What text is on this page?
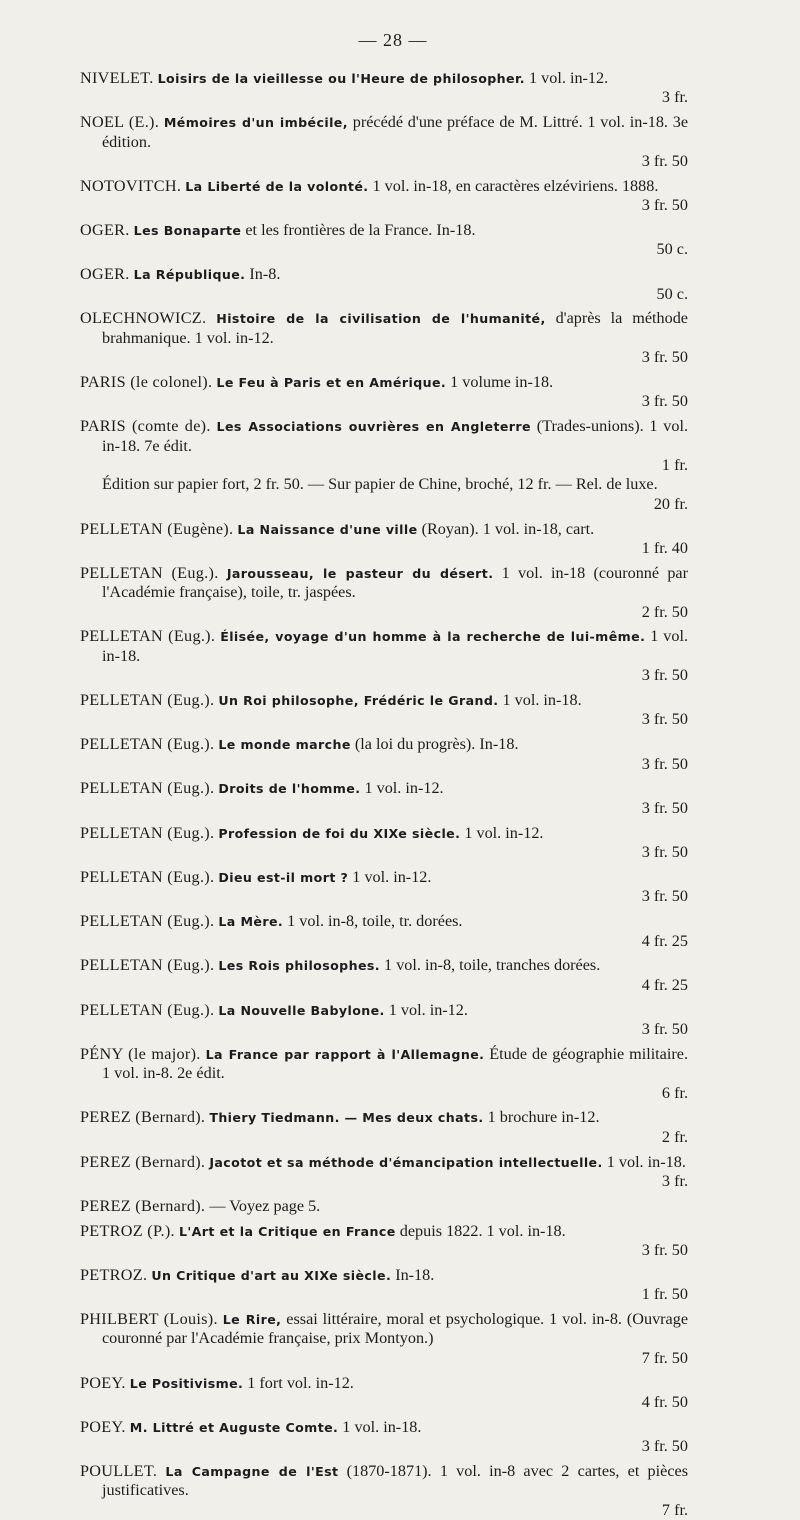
— 28 —
NIVELET. Loisirs de la vieillesse ou l'Heure de philosopher. 1 vol. in-12.
3 fr.
NOEL (E.). Mémoires d'un imbécile, précédé d'une préface de M. Littré. 1 vol. in-18. 3e édition.
3 fr. 50
NOTOVITCH. La Liberté de la volonté. 1 vol. in-18, en caractères elzéviriens. 1888.
3 fr. 50
OGER. Les Bonaparte et les frontières de la France. In-18.
50 c.
OGER. La République. In-8.
50 c.
OLECHNOWICZ. Histoire de la civilisation de l'humanité, d'après la méthode brahmanique. 1 vol. in-12.
3 fr. 50
PARIS (le colonel). Le Feu à Paris et en Amérique. 1 volume in-18.
3 fr. 50
PARIS (comte de). Les Associations ouvrières en Angleterre (Trades-unions). 1 vol. in-18. 7e édit.
1 fr.
Édition sur papier fort, 2 fr. 50. — Sur papier de Chine, broché, 12 fr. — Rel. de luxe.
20 fr.
PELLETAN (Eugène). La Naissance d'une ville (Royan). 1 vol. in-18, cart.
1 fr. 40
PELLETAN (Eug.). Jarousseau, le pasteur du désert. 1 vol. in-18 (couronné par l'Académie française), toile, tr. jaspées.
2 fr. 50
PELLETAN (Eug.). Élisée, voyage d'un homme à la recherche de lui-même. 1 vol. in-18.
3 fr. 50
PELLETAN (Eug.). Un Roi philosophe, Frédéric le Grand. 1 vol. in-18.
3 fr. 50
PELLETAN (Eug.). Le monde marche (la loi du progrès). In-18.
3 fr. 50
PELLETAN (Eug.). Droits de l'homme. 1 vol. in-12.
3 fr. 50
PELLETAN (Eug.). Profession de foi du XIXe siècle. 1 vol. in-12.
3 fr. 50
PELLETAN (Eug.). Dieu est-il mort ? 1 vol. in-12.
3 fr. 50
PELLETAN (Eug.). La Mère. 1 vol. in-8, toile, tr. dorées.
4 fr. 25
PELLETAN (Eug.). Les Rois philosophes. 1 vol. in-8, toile, tranches dorées.
4 fr. 25
PELLETAN (Eug.). La Nouvelle Babylone. 1 vol. in-12.
3 fr. 50
PÉNY (le major). La France par rapport à l'Allemagne. Étude de géographie militaire. 1 vol. in-8. 2e édit.
6 fr.
PEREZ (Bernard). Thiery Tiedmann. — Mes deux chats. 1 brochure in-12.
2 fr.
PEREZ (Bernard). Jacotot et sa méthode d'émancipation intellectuelle. 1 vol. in-18.
3 fr.
PEREZ (Bernard). — Voyez page 5.
PETROZ (P.). L'Art et la Critique en France depuis 1822. 1 vol. in-18.
3 fr. 50
PETROZ. Un Critique d'art au XIXe siècle. In-18.
1 fr. 50
PHILBERT (Louis). Le Rire, essai littéraire, moral et psychologique. 1 vol. in-8. (Ouvrage couronné par l'Académie française, prix Montyon.)
7 fr. 50
POEY. Le Positivisme. 1 fort vol. in-12.
4 fr. 50
POEY. M. Littré et Auguste Comte. 1 vol. in-18.
3 fr. 50
POULLET. La Campagne de l'Est (1870-1871). 1 vol. in-8 avec 2 cartes, et pièces justificatives.
7 fr.
